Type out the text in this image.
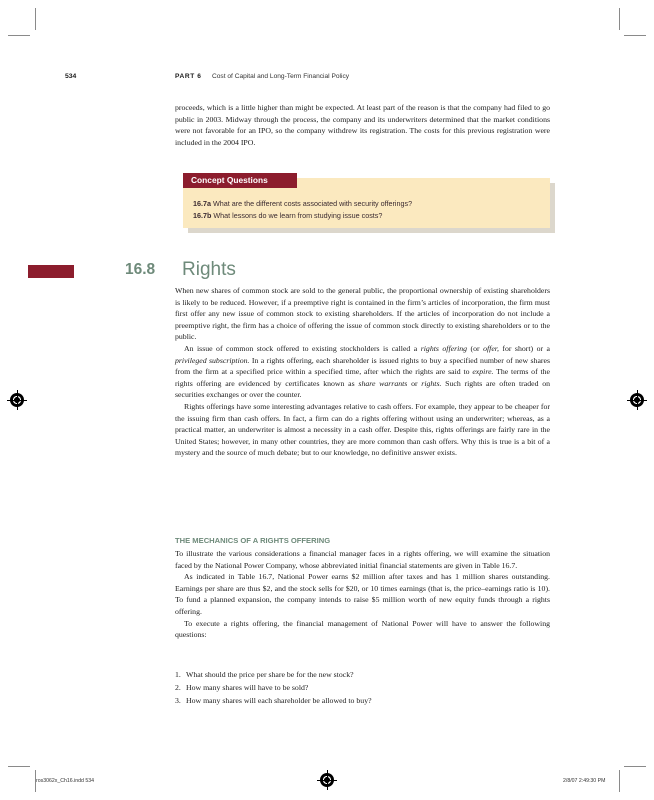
534	PART 6 Cost of Capital and Long-Term Financial Policy

proceeds, which is a little higher than might be expected. At least part of the reason is that the company had filed to go public in 2003. Midway through the process, the company and its underwriters determined that the market conditions were not favorable for an IPO, so the company withdrew its registration. The costs for this previous registration were included in the 2004 IPO.

Concept Questions
16.7a What are the different costs associated with security offerings?
16.7b What lessons do we learn from studying issue costs?
16.8 Rights

When new shares of common stock are sold to the general public, the proportional ownership of existing shareholders is likely to be reduced. However, if a preemptive right is contained in the firm’s articles of incorporation, the firm must first offer any new issue of common stock to existing shareholders. If the articles of incorporation do not include a preemptive right, the firm has a choice of offering the issue of common stock directly to existing shareholders or to the public.

An issue of common stock offered to existing stockholders is called a rights offering (or offer, for short) or a privileged subscription. In a rights offering, each shareholder is issued rights to buy a specified number of new shares from the firm at a specified price within a specified time, after which the rights are said to expire. The terms of the rights offering are evidenced by certificates known as share warrants or rights. Such rights are often traded on securities exchanges or over the counter.

Rights offerings have some interesting advantages relative to cash offers. For example, they appear to be cheaper for the issuing firm than cash offers. In fact, a firm can do a rights offering without using an underwriter; whereas, as a practical matter, an underwriter is almost a necessity in a cash offer. Despite this, rights offerings are fairly rare in the United States; however, in many other countries, they are more common than cash offers. Why this is true is a bit of a mystery and the source of much debate; but to our knowledge, no definitive answer exists.

THE MECHANICS OF A RIGHTS OFFERING

To illustrate the various considerations a financial manager faces in a rights offering, we will examine the situation faced by the National Power Company, whose abbreviated initial financial statements are given in Table 16.7.

As indicated in Table 16.7, National Power earns $2 million after taxes and has 1 million shares outstanding. Earnings per share are thus $2, and the stock sells for $20, or 10 times earnings (that is, the price–earnings ratio is 10). To fund a planned expansion, the company intends to raise $5 million worth of new equity funds through a rights offering.

To execute a rights offering, the financial management of National Power will have to answer the following questions:

1. What should the price per share be for the new stock?
2. How many shares will have to be sold?
3. How many shares will each shareholder be allowed to buy?
ros3062x_Ch16.indd 534	2/8/07 2:49:30 PM
